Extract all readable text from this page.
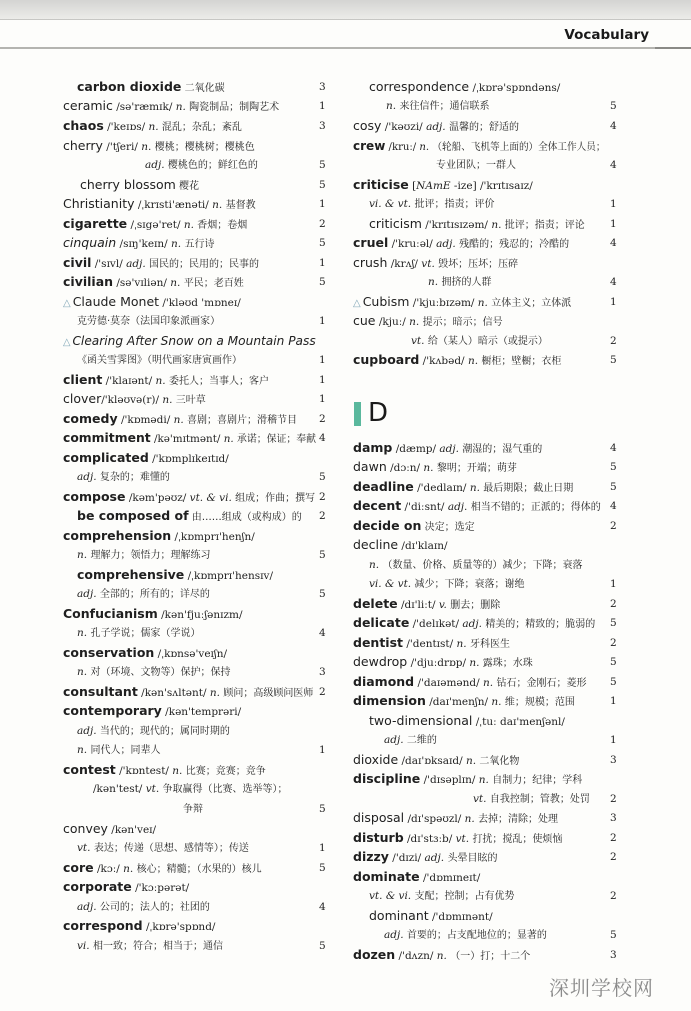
Vocabulary
carbon dioxide 二氧化碳	3
ceramic /sə'ræmɪk/ n. 陶瓷制品；制陶艺术	1
chaos /'keɪɒs/ n. 混乱；杂乱；紊乱	3
cherry /'tʃeri/ n. 樱桃；樱桃树；樱桃色
adj. 樱桃色的；鲜红色的	5
cherry blossom 樱花	5
Christianity /ˌkrɪsti'ænəti/ n. 基督教	1
cigarette /ˌsɪgə'ret/ n. 香烟；卷烟	2
cinquain /sɪŋ'keɪn/ n. 五行诗	5
civil /'sɪvl/ adj. 国民的；民用的；民事的	1
civilian /sə'vɪliən/ n. 平民；老百姓	5
△ Claude Monet /'kləʊd 'mɒneɪ/
克劳德·莫奈（法国印象派画家）	1
△ Clearing After Snow on a Mountain Pass
《函关雪霁图》（明代画家唐寅画作）	1
client /'klaɪənt/ n. 委托人；当事人；客户	1
clover/'kləʊvə(r)/ n. 三叶草	1
comedy /'kɒmədi/ n. 喜剧；喜剧片；滑稽节目 2
commitment /kə'mɪtmənt/ n. 承诺；保证；奉献 4
complicated /'kɒmplɪkeɪtɪd/
adj. 复杂的；难懂的	5
compose /kəm'pəʊz/ vt. & vi. 组成；作曲；撰写 2
be composed of 由……组成（或构成）的 2
comprehension /ˌkɒmprɪ'henʃn/
n. 理解力；领悟力；理解练习	5
comprehensive /ˌkɒmprɪ'hensɪv/
adj. 全部的；所有的；详尽的	5
Confucianism /kən'fjuːʃənɪzm/
n. 孔子学说；儒家（学说）	4
conservation /ˌkɒnsə'veɪʃn/
n. 对（环境、文物等）保护；保持	3
consultant /kən'sʌltənt/ n. 顾问；高级顾问医师 2
contemporary /kən'temprəri/
adj. 当代的；现代的；属同时期的
n. 同代人；同辈人	1
contest /'kɒntest/ n. 比赛；竞赛；竞争
/kən'test/ vt. 争取赢得（比赛、选举等）；
争辩	5
convey /kən'veɪ/
vt. 表达；传递（思想、感情等）；传送	1
core /kɔː/ n. 核心；精髓；（水果的）核儿	5
corporate /'kɔːpərət/
adj. 公司的；法人的；社团的	4
correspond /ˌkɒrə'spɒnd/
vi. 相一致；符合；相当于；通信	5
correspondence /ˌkɒrə'spɒndəns/
n. 来往信件；通信联系	5
cosy /'kəʊzi/ adj. 温馨的；舒适的	4
crew /kruː/ n. （轮船、飞机等上面的）全体工作人员；
专业团队；一群人	4
criticise [NAmE -ize] /'krɪtɪsaɪz/
vi. & vt. 批评；指责；评价	1
criticism /'krɪtɪsɪzəm/ n. 批评；指责；评论 1
cruel /'kruːəl/ adj. 残酷的；残忍的；冷酷的	4
crush /krʌʃ/ vt. 毁坏；压坏；压碎
n. 拥挤的人群	4
△ Cubism /'kjuːbɪzəm/ n. 立体主义；立体派	1
cue /kjuː/ n. 提示；暗示；信号
vt. 给（某人）暗示（或提示）	2
cupboard /'kʌbəd/ n. 橱柜；壁橱；衣柜	5
damp /dæmp/ adj. 潮湿的；湿气重的	4
dawn /dɔːn/ n. 黎明；开端；萌芽	5
deadline /'dedlaɪn/ n. 最后期限；截止日期	5
decent /'diːsnt/ adj. 相当不错的；正派的；得体的 4
decide on 决定；选定	2
decline /dɪ'klaɪn/
n. （数量、价格、质量等的）减少；下降；衰落
vi. & vt. 减少；下降；衰落；谢绝	1
delete /dɪ'liːt/ v. 删去；删除	2
delicate /'delɪkət/ adj. 精美的；精致的；脆弱的 5
dentist /'dentɪst/ n. 牙科医生	2
dewdrop /'djuːdrɒp/ n. 露珠；水珠	5
diamond /'daɪəmənd/ n. 钻石；金刚石；菱形 5
dimension /daɪ'menʃn/ n. 维；规模；范围	1
two-dimensional /ˌtuː daɪ'menʃənl/
adj. 二维的	1
dioxide /daɪ'ɒksaɪd/ n. 二氧化物	3
discipline /'dɪsəplɪn/ n. 自制力；纪律；学科
vt. 自我控制；管教；处罚 2
disposal /dɪ'spəʊzl/ n. 去掉；清除；处理	3
disturb /dɪ'stɜːb/ vt. 打扰；搅乱；使烦恼	2
dizzy /'dɪzi/ adj. 头晕目眩的	2
dominate /'dɒmɪneɪt/
vt. & vi. 支配；控制；占有优势	2
dominant /'dɒmɪnənt/
adj. 首要的；占支配地位的；显著的	5
dozen /'dʌzn/ n. （一）打；十二个	3
D
深圳学校网
